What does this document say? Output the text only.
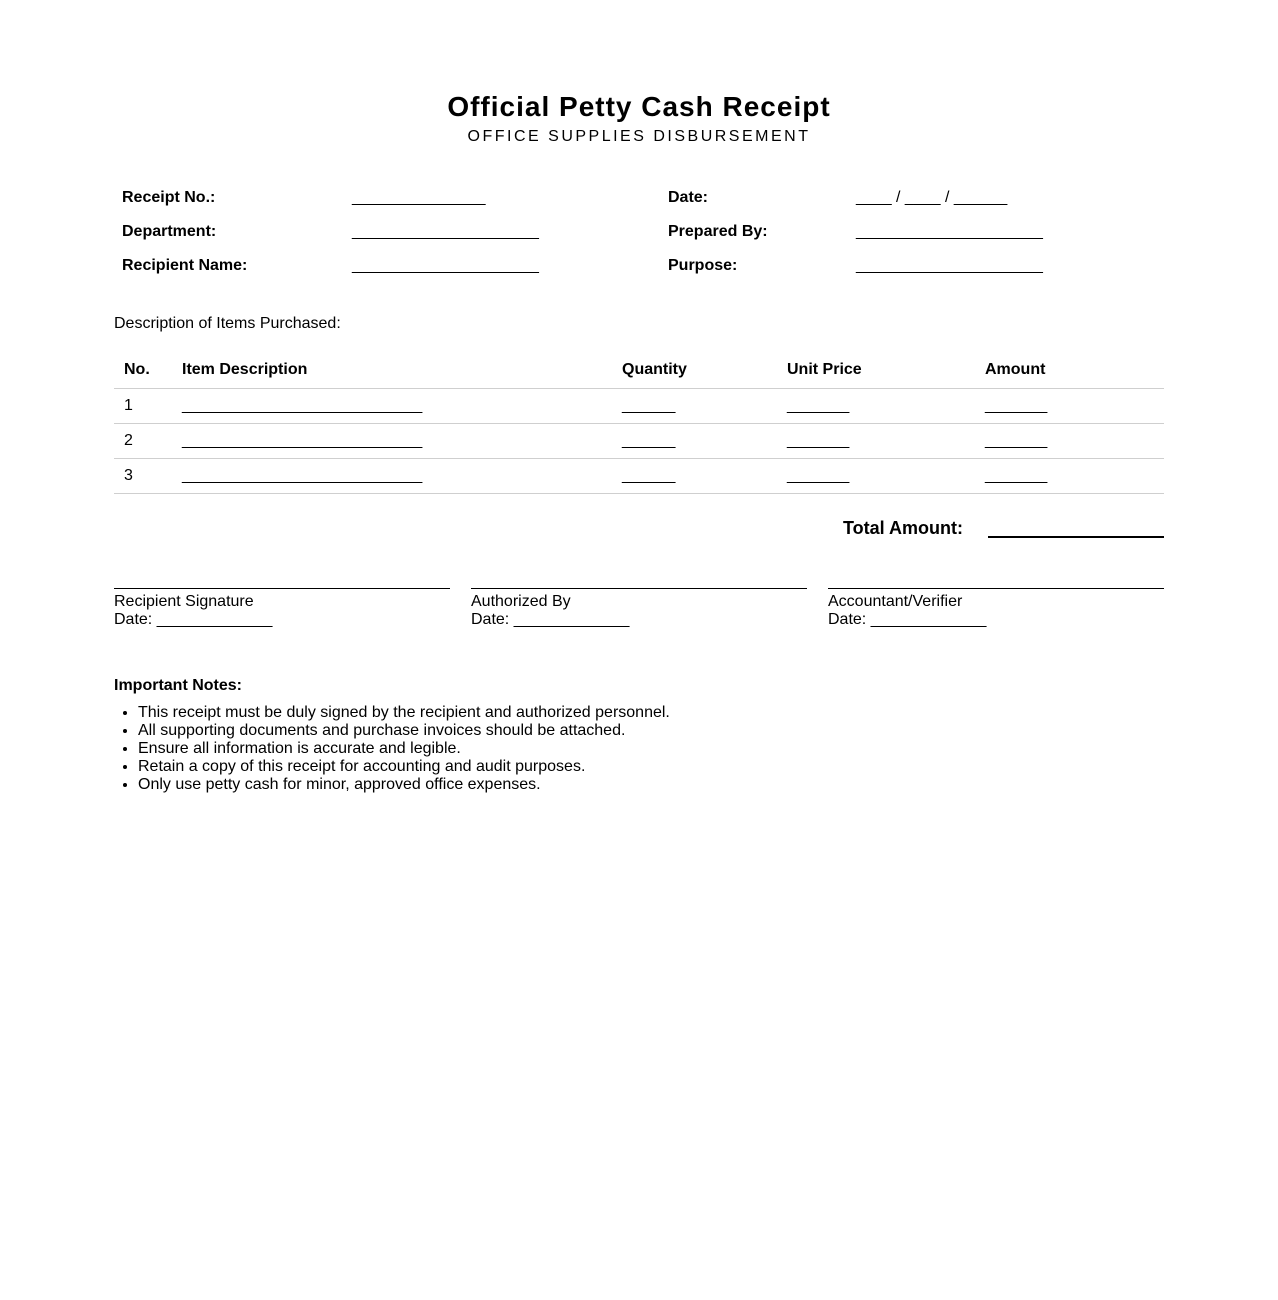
Official Petty Cash Receipt
OFFICE SUPPLIES DISBURSEMENT
Receipt No.:	_______________	Date:	____ / ____ / ______
Department:	_____________________	Prepared By:	_____________________
Recipient Name:	_____________________	Purpose:	_____________________
Description of Items Purchased:
No.	Item Description	Quantity	Unit Price	Amount
1	___________________________	______	_______	_______
2	___________________________	______	_______	_______
3	___________________________	______	_______	_______
Total Amount:
Recipient Signature
Date: _____________
Authorized By
Date: _____________
Accountant/Verifier
Date: _____________
Important Notes:
• This receipt must be duly signed by the recipient and authorized personnel.
• All supporting documents and purchase invoices should be attached.
• Ensure all information is accurate and legible.
• Retain a copy of this receipt for accounting and audit purposes.
• Only use petty cash for minor, approved office expenses.
